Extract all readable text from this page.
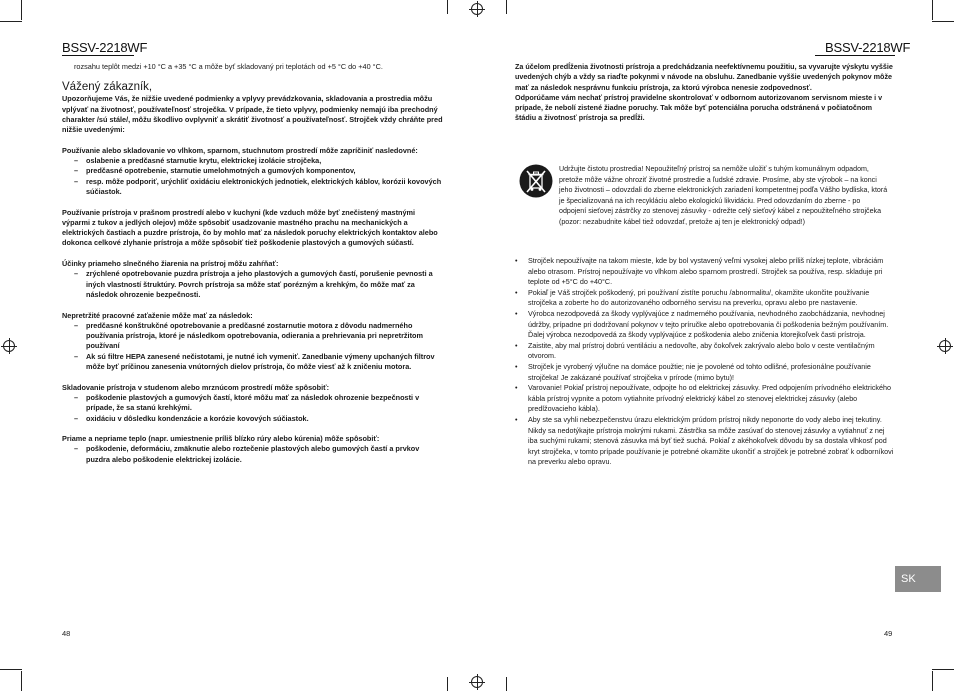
BSSV-2218WF

rozsahu teplôt medzi +10 °C a +35 °C a môže byť skladovaný pri teplotách od +5 °C do +40 °C.

Vážený zákazník,

Upozorňujeme Vás, že nižšie uvedené podmienky a vplyvy prevádzkovania, skladovania a prostredia môžu vplývať na životnosť, používateľnosť stroječka. V prípade, že tieto vplyvy, podmienky nemajú iba prechodný charakter /sú stále/, môžu škodlivo ovplyvniť a skrátiť životnosť a používateľnosť. Strojček vždy chráňte pred nižšie uvedenými:

Používanie alebo skladovanie vo vlhkom, sparnom, stuchnutom prostredí môže zapríčiniť nasledovné:

– oslabenie a predčasné starnutie krytu, elektrickej izolácie strojčeka,

– predčasné opotrebenie, starnutie umelohmotných a gumových komponentov,

– resp. môže podporiť, urýchliť oxidáciu elektronických jednotiek, elektrických káblov, korózii kovových súčiastok.

Používanie prístroja v prašnom prostredí alebo v kuchyni (kde vzduch môže byť znečistený mastnými výparmi z tukov a jedlých olejov) môže spôsobiť usadzovanie mastného prachu na mechanických a elektrických častiach a puzdre prístroja, čo by mohlo mať za následok poruchy elektrických kontaktov alebo dokonca celkové zlyhanie prístroja a môže spôsobiť tiež poškodenie plastových a gumových súčastí.

Účinky priameho slnečného žiarenia na prístroj môžu zahŕňať:

– zrýchlené opotrebovanie puzdra prístroja a jeho plastových a gumových častí, porušenie pevnosti a iných vlastností štruktúry. Povrch prístroja sa môže stať porézným a krehkým, čo môže mať za následok ohrozenie bezpečnosti.

Nepretržité pracovné zaťaženie môže mať za následok:

– predčasné konštrukčné opotrebovanie a predčasné zostarnutie motora z dôvodu nadmerného používania prístroja, ktoré je následkom opotrebovania, odierania a prehrievania pri nepretržitom používaní

– Ak sú filtre HEPA zanesené nečistotami, je nutné ich vymeniť. Zanedbanie výmeny upchaných filtrov môže byť príčinou zanesenia vnútorných dielov prístroja, čo môže viesť až k zničeniu motora.

Skladovanie prístroja v studenom alebo mrznúcom prostredí môže spôsobiť:

– poškodenie plastových a gumových častí, ktoré môžu mať za následok ohrozenie bezpečnosti v prípade, že sa stanú krehkými.

– oxidáciu v dôsledku kondenzácie a korózie kovových súčiastok.

Priame a nepriame teplo (napr. umiestnenie príliš blízko rúry alebo kúrenia) môže spôsobiť:

– poškodenie, deformáciu, zmäknutie alebo roztečenie plastových alebo gumových častí a prvkov puzdra alebo poškodenie elektrickej izolácie.

48
BSSV-2218WF

Za účelom predĺženia životnosti prístroja a predchádzania neefektívnemu použitiu, sa vyvarujte výskytu vyššie uvedených chýb a vždy sa riaďte pokynmi v návode na obsluhu. Zanedbanie vyššie uvedených pokynov môže mať za následok nesprávnu funkciu prístroja, za ktorú výrobca nenesie zodpovednosť.

Odporúčame vám nechať prístroj pravidelne skontrolovať v odbornom autorizovanom servisnom mieste i v prípade, že nebolí zistené žiadne poruchy. Tak môže byť potenciálna porucha odstránená v počiatočnom štádiu a životnosť prístroja sa predĺži.

Udržujte čistotu prostredia! Nepoužiteľný prístroj sa nemôže uložiť s tuhým komunálnym odpadom, pretože môže vážne ohroziť životné prostredie a ľudské zdravie. Prosíme, aby ste výrobok – na konci jeho životnosti – odovzdali do zberne elektronických zariadení kompetentnej podľa Vášho bydliska, ktorá je špecializovaná na ich recykláciu alebo ekologickú likvidáciu. Pred odovzdaním do zberne - po odpojení sieťovej zástrčky zo stenovej zásuvky - odrežte celý sieťový kábel z nepoužiteľného strojčeka (pozor: nezabudnite kábel tiež odovzdať, pretože aj ten je elektronický odpad!)

• Strojček nepoužívajte na takom mieste, kde by bol vystavený veľmi vysokej alebo príliš nízkej teplote, vibráciám alebo otrasom. Prístroj nepoužívajte vo vlhkom alebo sparnom prostredí. Strojček sa používa, resp. skladuje pri teplote od +5°C do +40°C.

• Pokiaľ je Váš strojček poškodený, pri používaní zistíte poruchu /abnormalitu/, okamžite ukončite používanie strojčeka a zoberte ho do autorizovaného odborného servisu na preverku, opravu alebo pre nastavenie.

• Výrobca nezodpovedá za škody vyplývajúce z nadmerného používania, nevhodného zaobchádzania, nevhodnej údržby, prípadne pri dodržovaní pokynov v tejto príručke alebo opotrebovania či poškodenia bežným používaním. Ďalej výrobca nezodpovedá za škody vyplývajúce z poškodenia alebo zničenia ktorejkoľvek časti prístroja.

• Zaistite, aby mal prístroj dobrú ventiláciu a nedovoľte, aby čokoľvek zakrývalo alebo bolo v ceste ventilačným otvorom.

• Strojček je vyrobený výlučne na domáce použtie; nie je povolené od tohto odlišné, profesionálne používanie strojčeka! Je zakázané používať strojčeka v prírode (mimo bytu)!

• Varovanie! Pokiaľ prístroj nepoužívate, odpojte ho od elektrickej zásuvky. Pred odpojením prívodného elektrického kábla prístroj vypnite a potom vytiahnite prívodný elektrický kábel zo stenovej elektrickej zásuvky (alebo predlžovacieho kábla).

• Aby ste sa vyhli nebezpečenstvu úrazu elektrickým prúdom prístroj nikdy neponorte do vody alebo inej tekutiny. Nikdy sa nedotýkajte prístroja mokrými rukami. Zástrčka sa môže zasúvať do stenovej zásuvky a vytiahnuť z nej iba suchými rukami; stenová zásuvka má byť tiež suchá. Pokiaľ z akéhokoľvek dôvodu by sa dostala vlhkosť pod kryt strojčeka, v tomto prípade používanie je potrebné okamžite ukončiť a strojček je potrebné zobrať k odborníkovi na preverku alebo opravu.

SK
49
